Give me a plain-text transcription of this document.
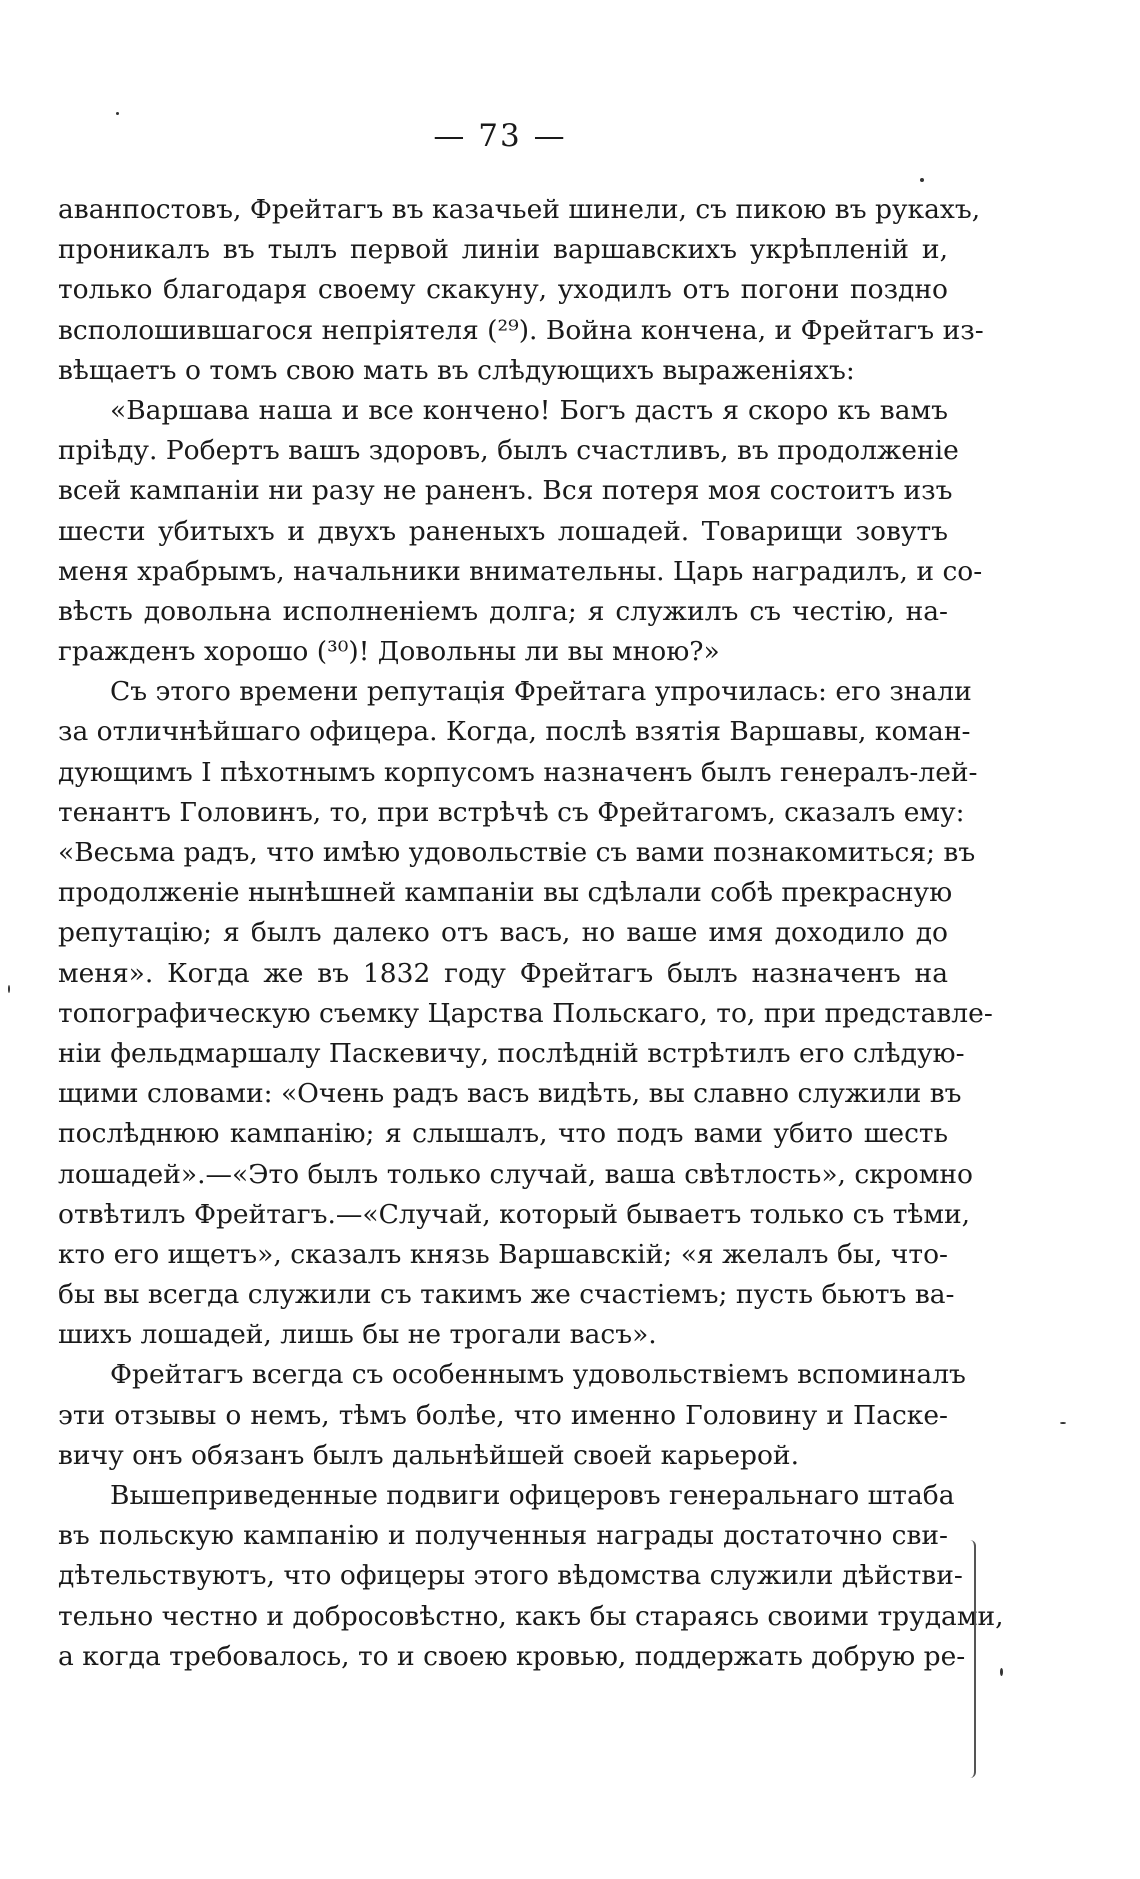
— 73 —
аванпостовъ, Фрейтагъ въ казачьей шинели, съ пикою въ рукахъ,
проникалъ въ тылъ первой линіи варшавскихъ укрѣпленій и,
только благодаря своему скакуну, уходилъ отъ погони поздно
всполошившагося непріятеля (²⁹). Война кончена, и Фрейтагъ из-
вѣщаетъ о томъ свою мать въ слѣдующихъ выраженіяхъ:
«Варшава наша и все кончено! Богъ дастъ я скоро къ вамъ
пріѣду. Робертъ вашъ здоровъ, былъ счастливъ, въ продолженіе
всей кампаніи ни разу не раненъ. Вся потеря моя состоитъ изъ
шести убитыхъ и двухъ раненыхъ лошадей. Товарищи зовутъ
меня храбрымъ, начальники внимательны. Царь наградилъ, и со-
вѣсть довольна исполненіемъ долга; я служилъ съ честію, на-
гражденъ хорошо (³⁰)! Довольны ли вы мною?»
Съ этого времени репутація Фрейтага упрочилась: его знали
за отличнѣйшаго офицера. Когда, послѣ взятія Варшавы, коман-
дующимъ I пѣхотнымъ корпусомъ назначенъ былъ генералъ-лей-
тенантъ Головинъ, то, при встрѣчѣ съ Фрейтагомъ, сказалъ ему:
«Весьма радъ, что имѣю удовольствіе съ вами познакомиться; въ
продолженіе нынѣшней кампаніи вы сдѣлали собѣ прекрасную
репутацію; я былъ далеко отъ васъ, но ваше имя доходило до
меня». Когда же въ 1832 году Фрейтагъ былъ назначенъ на
топографическую съемку Царства Польскаго, то, при представле-
ніи фельдмаршалу Паскевичу, послѣдній встрѣтилъ его слѣдую-
щими словами: «Очень радъ васъ видѣть, вы славно служили въ
послѣднюю кампанію; я слышалъ, что подъ вами убито шесть
лошадей».—«Это былъ только случай, ваша свѣтлость», скромно
отвѣтилъ Фрейтагъ.—«Случай, который бываетъ только съ тѣми,
кто его ищетъ», сказалъ князь Варшавскій; «я желалъ бы, что-
бы вы всегда служили съ такимъ же счастіемъ; пусть бьютъ ва-
шихъ лошадей, лишь бы не трогали васъ».
Фрейтагъ всегда съ особеннымъ удовольствіемъ вспоминалъ
эти отзывы о немъ, тѣмъ болѣе, что именно Головину и Паске-
вичу онъ обязанъ былъ дальнѣйшей своей карьерой.
Вышеприведенные подвиги офицеровъ генеральнаго штаба
въ польскую кампанію и полученныя награды достаточно сви-
дѣтельствуютъ, что офицеры этого вѣдомства служили дѣйстви-
тельно честно и добросовѣстно, какъ бы стараясь своими трудами,
а когда требовалось, то и своею кровью, поддержать добрую ре-
